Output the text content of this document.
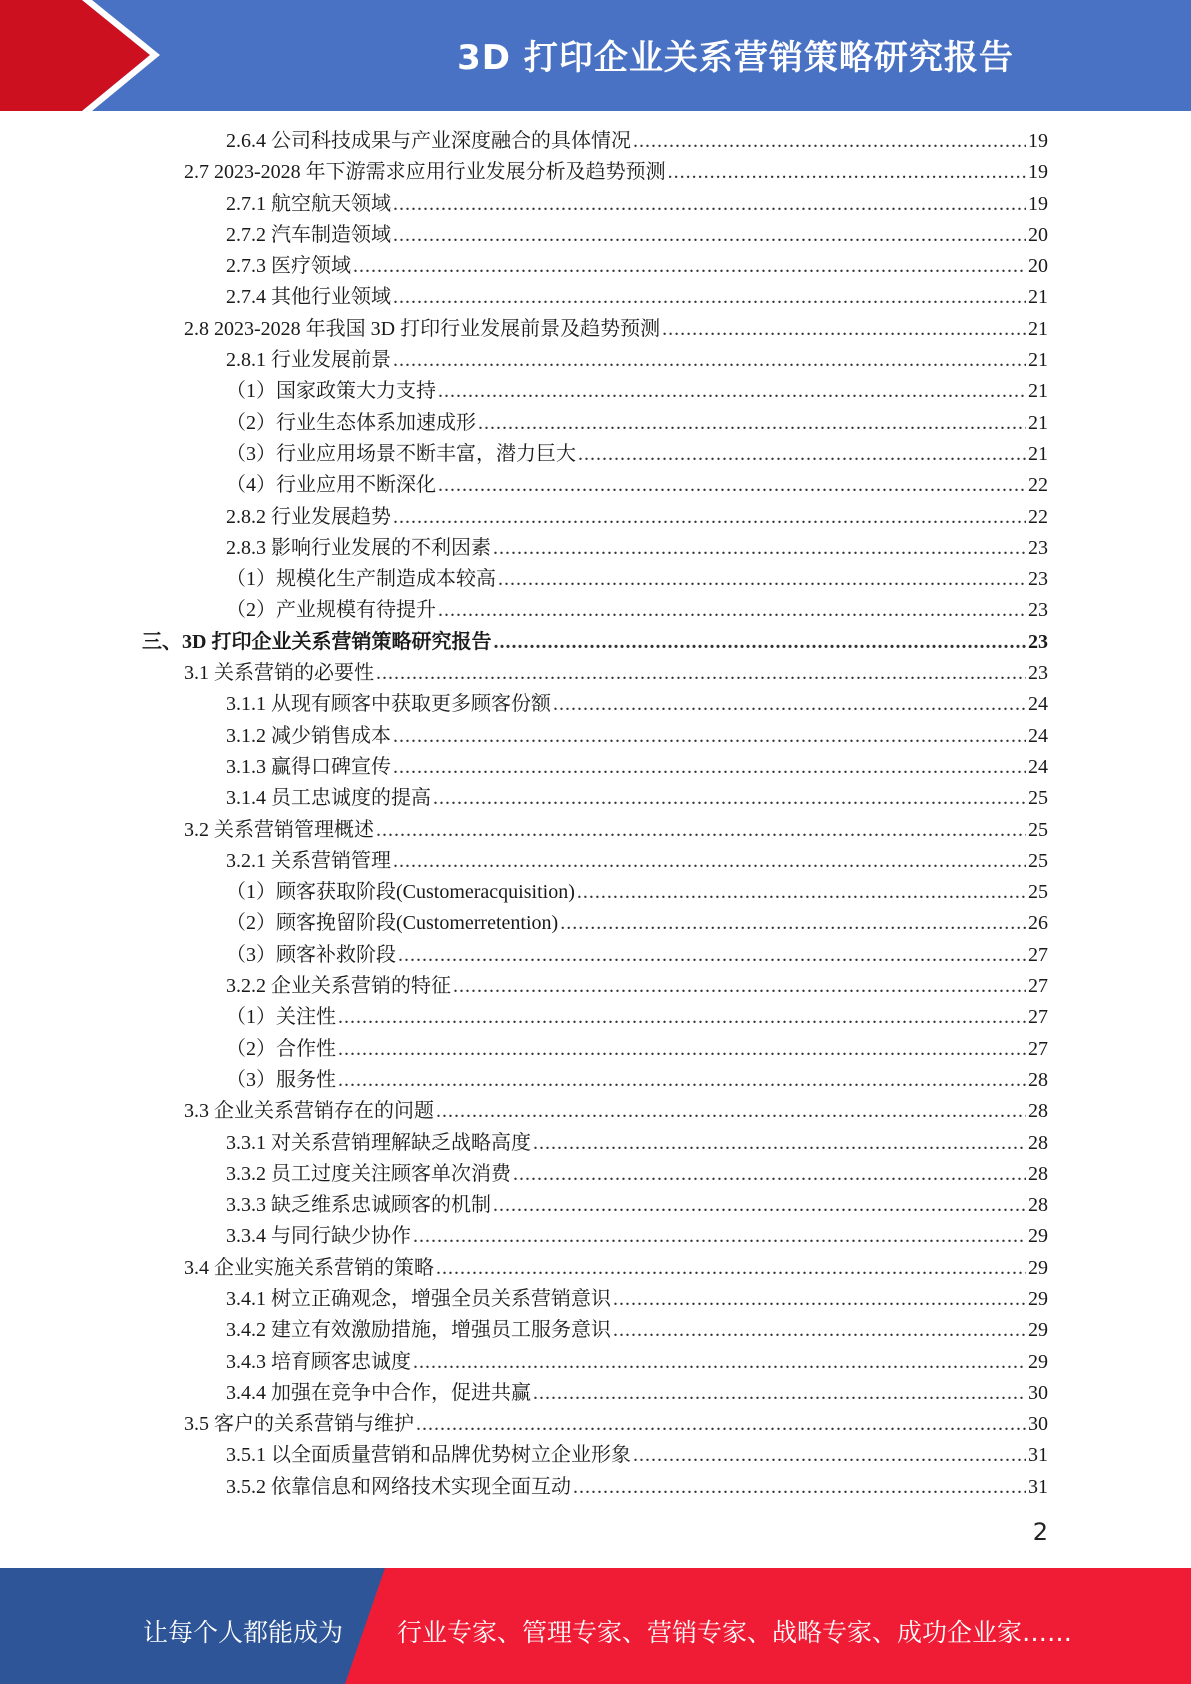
3D 打印企业关系营销策略研究报告
2.6.4 公司科技成果与产业深度融合的具体情况 .....	19
2.7 2023-2028 年下游需求应用行业发展分析及趋势预测 .....	19
2.7.1 航空航天领域 .....	19
2.7.2 汽车制造领域 .....	20
2.7.3 医疗领域 .....	20
2.7.4 其他行业领域 .....	21
2.8 2023-2028 年我国 3D 打印行业发展前景及趋势预测 .....	21
2.8.1 行业发展前景 .....	21
（1）国家政策大力支持 .....	21
（2）行业生态体系加速成形 .....	21
（3）行业应用场景不断丰富，潜力巨大 .....	21
（4）行业应用不断深化 .....	22
2.8.2 行业发展趋势 .....	22
2.8.3 影响行业发展的不利因素 .....	23
（1）规模化生产制造成本较高 .....	23
（2）产业规模有待提升 .....	23
三、3D 打印企业关系营销策略研究报告 .....	23
3.1 关系营销的必要性 .....	23
3.1.1 从现有顾客中获取更多顾客份额 .....	24
3.1.2 减少销售成本 .....	24
3.1.3 赢得口碑宣传 .....	24
3.1.4 员工忠诚度的提高 .....	25
3.2 关系营销管理概述 .....	25
3.2.1 关系营销管理 .....	25
（1）顾客获取阶段(Customeracquisition) .....	25
（2）顾客挽留阶段(Customerretention) .....	26
（3）顾客补救阶段 .....	27
3.2.2 企业关系营销的特征 .....	27
（1）关注性 .....	27
（2）合作性 .....	27
（3）服务性 .....	28
3.3 企业关系营销存在的问题 .....	28
3.3.1 对关系营销理解缺乏战略高度 .....	28
3.3.2 员工过度关注顾客单次消费 .....	28
3.3.3 缺乏维系忠诚顾客的机制 .....	28
3.3.4 与同行缺少协作 .....	29
3.4 企业实施关系营销的策略 .....	29
3.4.1 树立正确观念，增强全员关系营销意识 .....	29
3.4.2 建立有效激励措施，增强员工服务意识 .....	29
3.4.3 培育顾客忠诚度 .....	29
3.4.4 加强在竞争中合作，促进共赢 .....	30
3.5 客户的关系营销与维护 .....	30
3.5.1 以全面质量营销和品牌优势树立企业形象 .....	31
3.5.2 依靠信息和网络技术实现全面互动 .....	31
2
让每个人都能成为 行业专家、管理专家、营销专家、战略专家、成功企业家……
